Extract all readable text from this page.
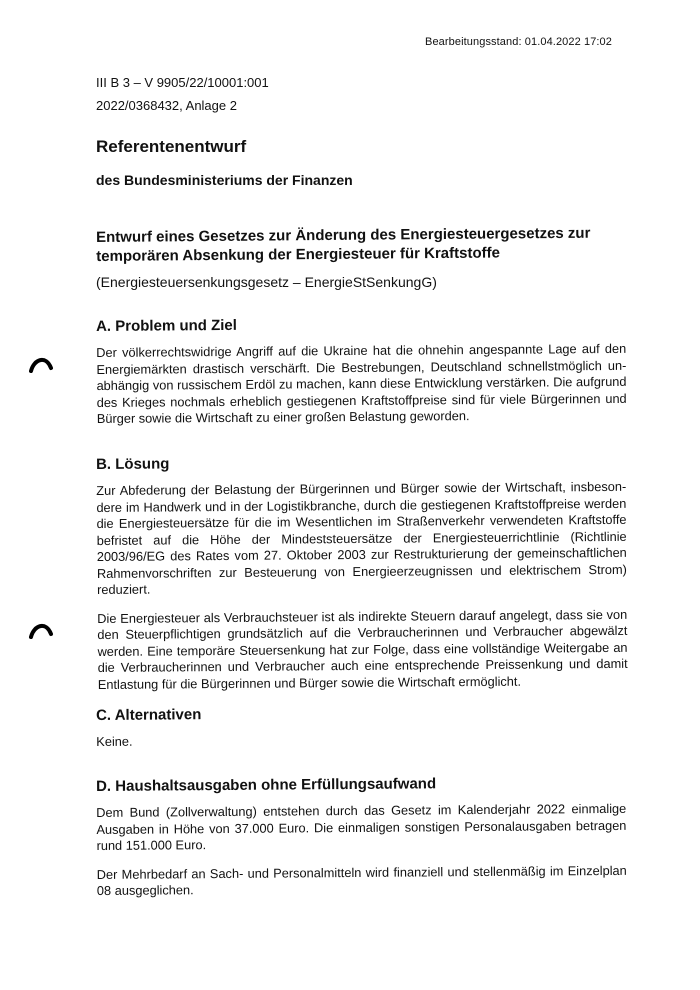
Bearbeitungsstand: 01.04.2022 17:02
III B 3 – V 9905/22/10001:001
2022/0368432, Anlage 2
Referentenentwurf
des Bundesministeriums der Finanzen
Entwurf eines Gesetzes zur Änderung des Energiesteuergesetzes zur temporären Absenkung der Energiesteuer für Kraftstoffe
(Energiesteuersenkungsgesetz – EnergieStSenkungG)
A. Problem und Ziel

Der völkerrechtswidrige Angriff auf die Ukraine hat die ohnehin angespannte Lage auf den Energiemärkten drastisch verschärft. Die Bestrebungen, Deutschland schnellstmöglich unabhängig von russischem Erdöl zu machen, kann diese Entwicklung verstärken. Die aufgrund des Krieges nochmals erheblich gestiegenen Kraftstoffpreise sind für viele Bürgerinnen und Bürger sowie die Wirtschaft zu einer großen Belastung geworden.

B. Lösung

Zur Abfederung der Belastung der Bürgerinnen und Bürger sowie der Wirtschaft, insbesondere im Handwerk und in der Logistikbranche, durch die gestiegenen Kraftstoffpreise werden die Energiesteuersätze für die im Wesentlichen im Straßenverkehr verwendeten Kraftstoffe befristet auf die Höhe der Mindeststeuersätze der Energiesteuerrichtlinie (Richtlinie 2003/96/EG des Rates vom 27. Oktober 2003 zur Restrukturierung der gemeinschaftlichen Rahmenvorschriften zur Besteuerung von Energieerzeugnissen und elektrischem Strom) reduziert.

Die Energiesteuer als Verbrauchsteuer ist als indirekte Steuern darauf angelegt, dass sie von den Steuerpflichtigen grundsätzlich auf die Verbraucherinnen und Verbraucher abgewälzt werden. Eine temporäre Steuersenkung hat zur Folge, dass eine vollständige Weitergabe an die Verbraucherinnen und Verbraucher auch eine entsprechende Preissenkung und damit Entlastung für die Bürgerinnen und Bürger sowie die Wirtschaft ermöglicht.

C. Alternativen

Keine.

D. Haushaltsausgaben ohne Erfüllungsaufwand

Dem Bund (Zollverwaltung) entstehen durch das Gesetz im Kalenderjahr 2022 einmalige Ausgaben in Höhe von 37.000 Euro. Die einmaligen sonstigen Personalausgaben betragen rund 151.000 Euro.

Der Mehrbedarf an Sach- und Personalmitteln wird finanziell und stellenmäßig im Einzelplan 08 ausgeglichen.
